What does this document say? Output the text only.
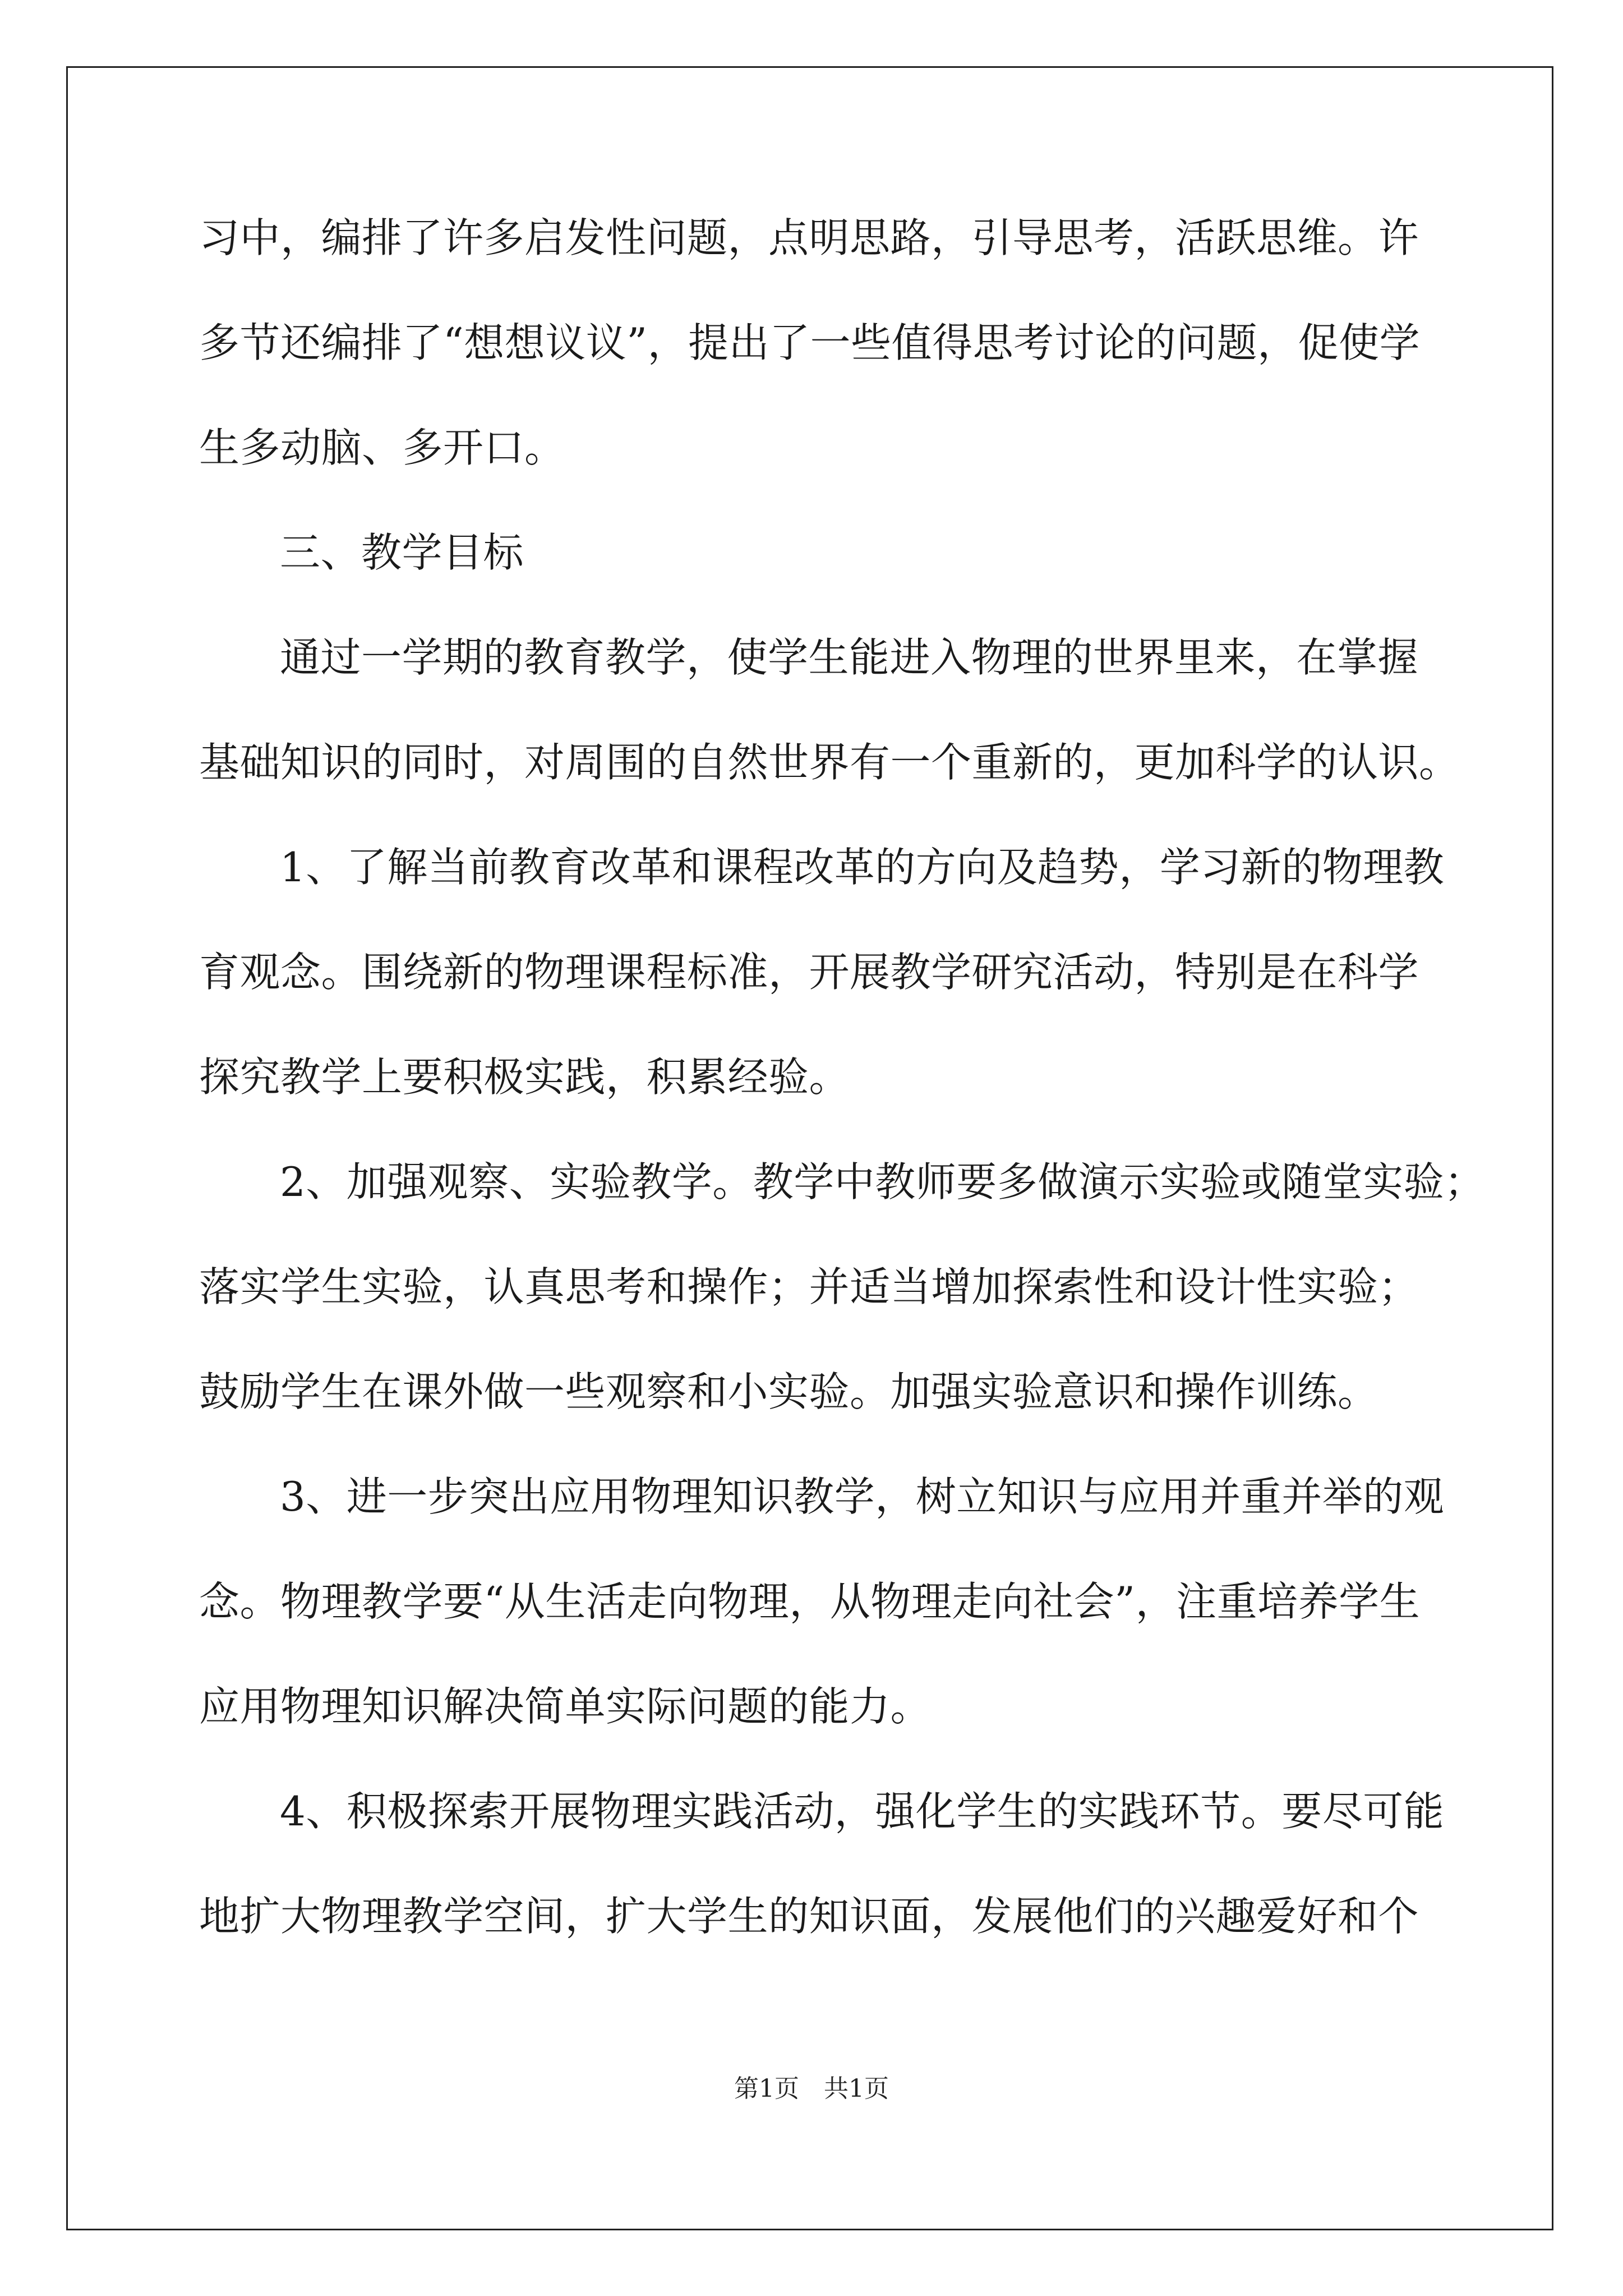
习中，编排了许多启发性问题，点明思路，引导思考，活跃思维。许
多节还编排了“想想议议”，提出了一些值得思考讨论的问题，促使学
生多动脑、多开口。
三、教学目标
通过一学期的教育教学，使学生能进入物理的世界里来，在掌握
基础知识的同时，对周围的自然世界有一个重新的，更加科学的认识。
1、了解当前教育改革和课程改革的方向及趋势，学习新的物理教
育观念。围绕新的物理课程标准，开展教学研究活动，特别是在科学
探究教学上要积极实践，积累经验。
2、加强观察、实验教学。教学中教师要多做演示实验或随堂实验；
落实学生实验，认真思考和操作；并适当增加探索性和设计性实验；
鼓励学生在课外做一些观察和小实验。加强实验意识和操作训练。
3、进一步突出应用物理知识教学，树立知识与应用并重并举的观
念。物理教学要“从生活走向物理，从物理走向社会”，注重培养学生
应用物理知识解决简单实际问题的能力。
4、积极探索开展物理实践活动，强化学生的实践环节。要尽可能
地扩大物理教学空间，扩大学生的知识面，发展他们的兴趣爱好和个
第1页　共1页
